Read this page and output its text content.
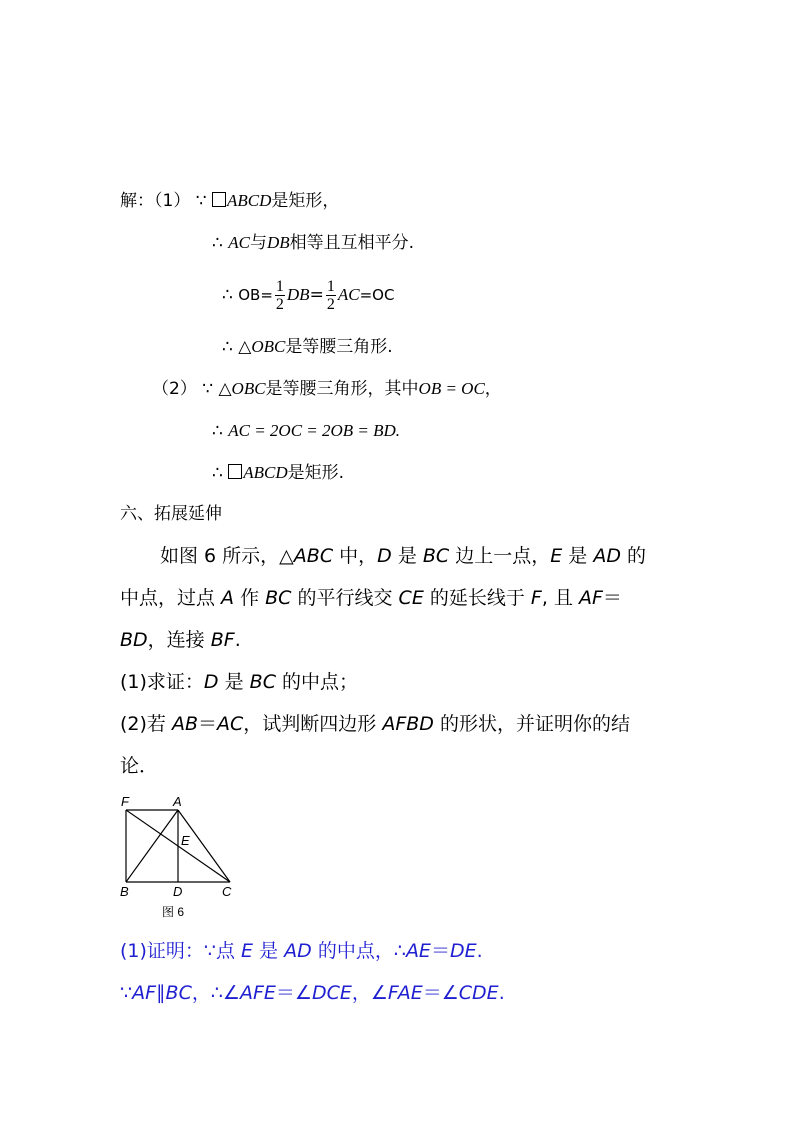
解：（1） ∵ ABCD是矩形，
∴ AC与DB相等且互相平分.
∴ $OB= \frac{1}{2} DB= \frac{1}{2} AC=OC$
∴ △OBC是等腰三角形.
（2） ∵ △OBC是等腰三角形，其中OB = OC，
∴ AC = 2OC = 2OB = BD.
∴ ABCD是矩形.
六、拓展延伸
如图 6 所示，△ABC 中，D 是 BC 边上一点，E 是 AD 的
中点，过点 A 作 BC 的平行线交 CE 的延长线于 F, 且 AF＝
BD，连接 BF.
(1)求证：D 是 BC 的中点；
(2)若 AB＝AC，试判断四边形 AFBD 的形状，并证明你的结
论．
F	A
E
B	D	C
图 6
(1)证明：∵点 E 是 AD 的中点，∴AE＝DE.
∵AF∥BC，∴∠AFE＝∠DCE，∠FAE＝∠CDE.
